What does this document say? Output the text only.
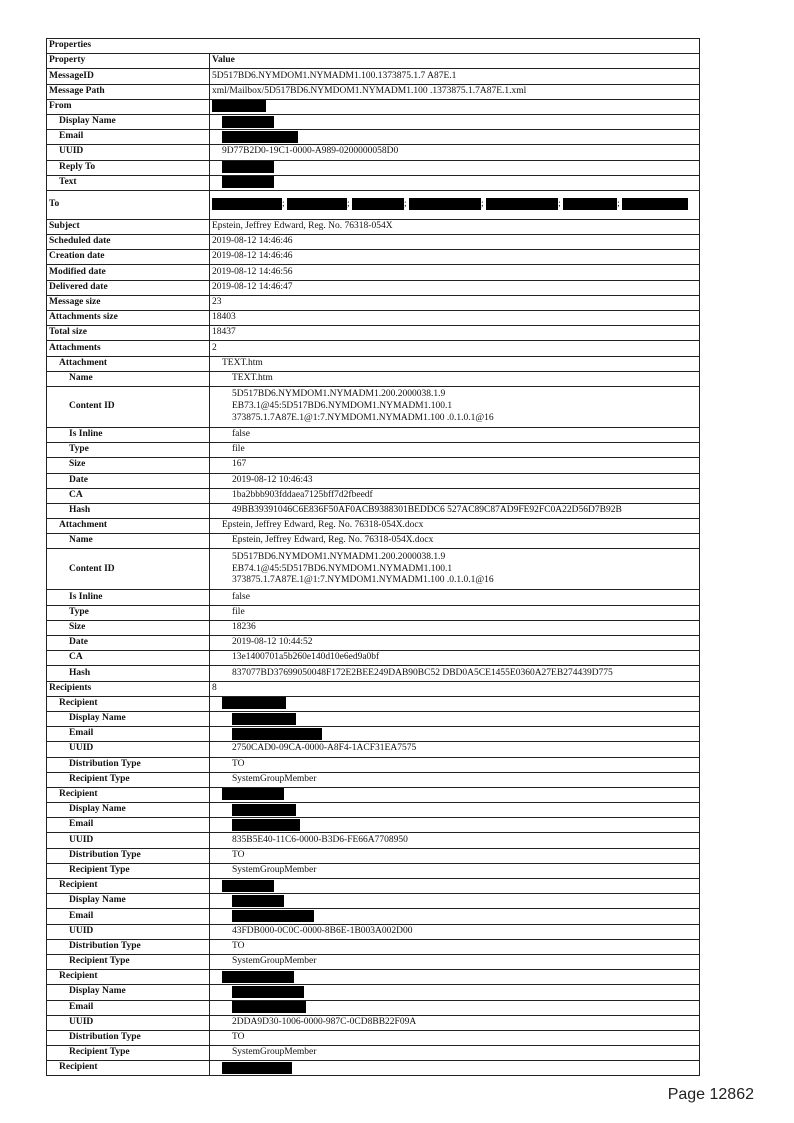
Properties	
Property	Value
MessageID	5D517BD6.NYMDOM1.NYMADM1.100.1373875.1.7 A87E.1
Message Path	xml/Mailbox/5D517BD6.NYMDOM1.NYMADM1.100 .1373875.1.7A87E.1.xml
From	
Display Name	
Email	
UUID	9D77B2D0-19C1-0000-A989-0200000058D0
Reply To	
Text	
To	; ; ; ; ; ;
Subject	Epstein, Jeffrey Edward, Reg. No. 76318-054X
Scheduled date	2019-08-12 14:46:46
Creation date	2019-08-12 14:46:46
Modified date	2019-08-12 14:46:56
Delivered date	2019-08-12 14:46:47
Message size	23
Attachments size	18403
Total size	18437
Attachments	2
Attachment	TEXT.htm
Name	TEXT.htm
Content ID	5D517BD6.NYMDOM1.NYMADM1.200.2000038.1.9
EB73.1@45:5D517BD6.NYMDOM1.NYMADM1.100.1
373875.1.7A87E.1@1:7.NYMDOM1.NYMADM1.100 .0.1.0.1@16

Is Inline	false
Type	file
Size	167
Date	2019-08-12 10:46:43
CA	1ba2bbb903fddaea7125bff7d2fbeedf
Hash	49BB39391046C6E836F50AF0ACB9388301BEDDC6 527AC89C87AD9FE92FC0A22D56D7B92B
Attachment	Epstein, Jeffrey Edward, Reg. No. 76318-054X.docx
Name	Epstein, Jeffrey Edward, Reg. No. 76318-054X.docx
Content ID	5D517BD6.NYMDOM1.NYMADM1.200.2000038.1.9
EB74.1@45:5D517BD6.NYMDOM1.NYMADM1.100.1
373875.1.7A87E.1@1:7.NYMDOM1.NYMADM1.100 .0.1.0.1@16

Is Inline	false
Type	file
Size	18236
Date	2019-08-12 10:44:52
CA	13e1400701a5b260e140d10e6ed9a0bf
Hash	837077BD37699050048F172E2BEE249DAB90BC52 DBD0A5CE1455E0360A27EB274439D775
Recipients	8
Recipient	
Display Name	
Email	
UUID	2750CAD0-09CA-0000-A8F4-1ACF31EA7575
Distribution Type	TO
Recipient Type	SystemGroupMember
Recipient	
Display Name	
Email	
UUID	835B5E40-11C6-0000-B3D6-FE66A7708950
Distribution Type	TO
Recipient Type	SystemGroupMember
Recipient	
Display Name	
Email	
UUID	43FDB000-0C0C-0000-8B6E-1B003A002D00
Distribution Type	TO
Recipient Type	SystemGroupMember
Recipient	
Display Name	
Email	
UUID	2DDA9D30-1006-0000-987C-0CD8BB22F09A
Distribution Type	TO
Recipient Type	SystemGroupMember
Recipient	
Page 12862
